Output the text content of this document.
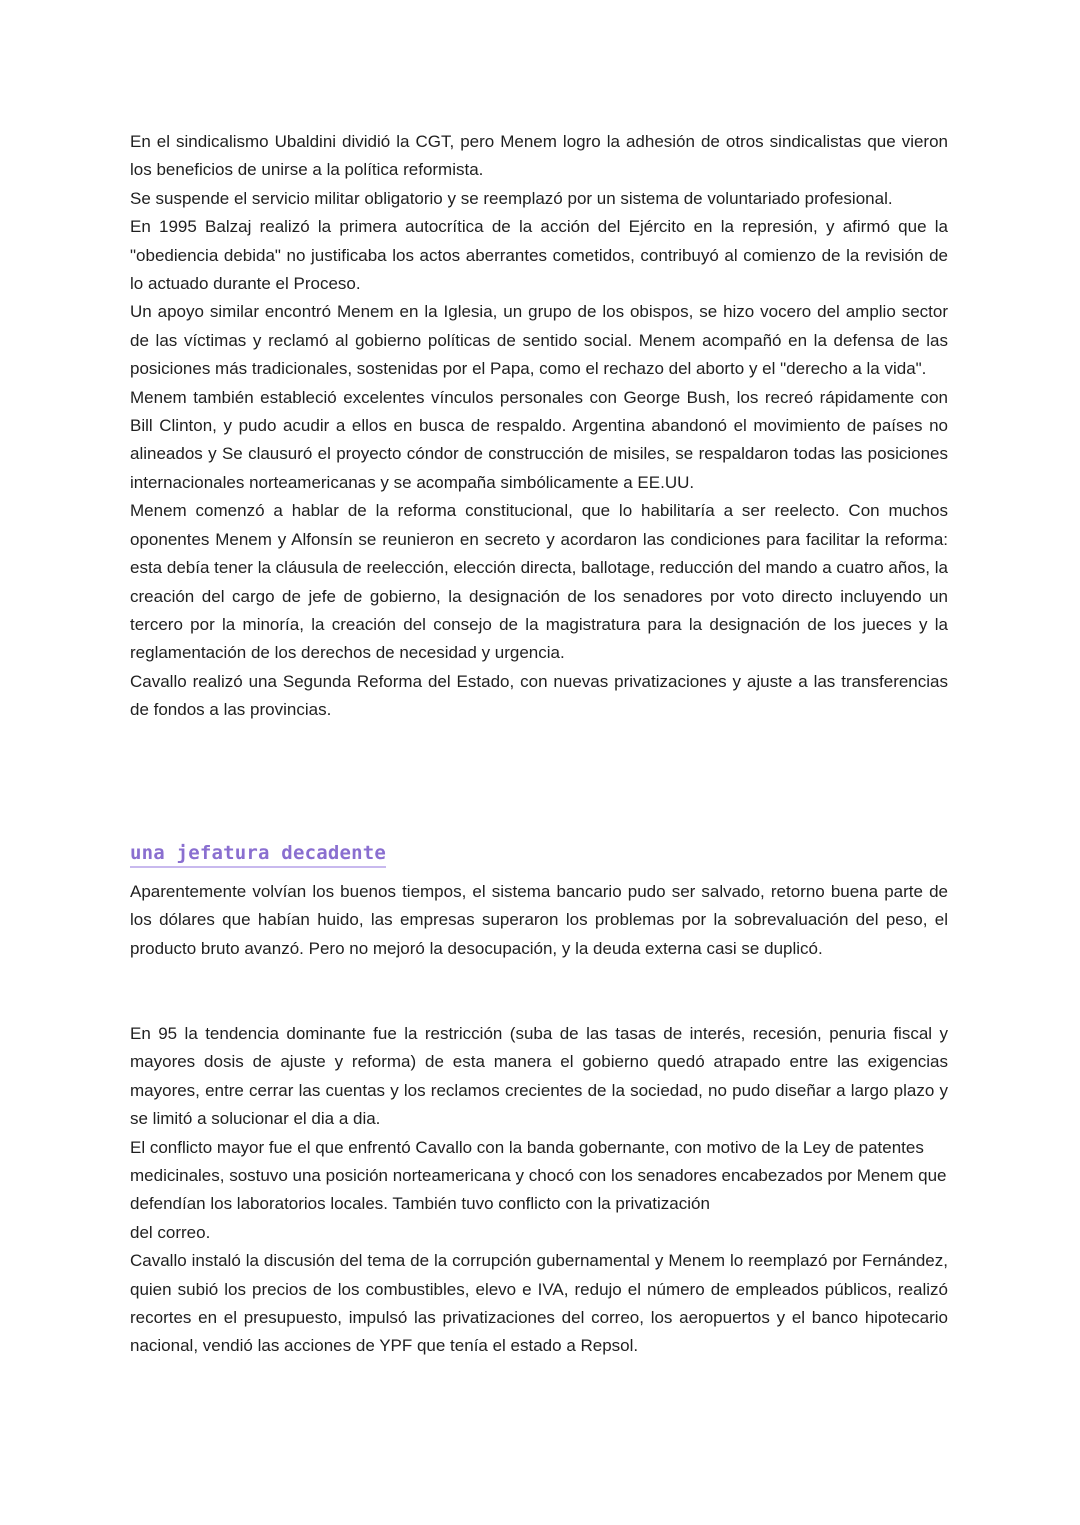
En el sindicalismo Ubaldini dividió la CGT, pero Menem logro la adhesión de otros sindicalistas que vieron los beneficios de unirse a la política reformista.

Se suspende el servicio militar obligatorio y se reemplazó por un sistema de voluntariado profesional.

En 1995 Balzaj realizó la primera autocrítica de la acción del Ejército en la represión, y afirmó que la "obediencia debida" no justificaba los actos aberrantes cometidos, contribuyó al comienzo de la revisión de lo actuado durante el Proceso.

Un apoyo similar encontró Menem en la Iglesia, un grupo de los obispos, se hizo vocero del amplio sector de las víctimas y reclamó al gobierno políticas de sentido social. Menem acompañó en la defensa de las posiciones más tradicionales, sostenidas por el Papa, como el rechazo del aborto y el "derecho a la vida".

Menem también estableció excelentes vínculos personales con George Bush, los recreó rápidamente con Bill Clinton, y pudo acudir a ellos en busca de respaldo. Argentina abandonó el movimiento de países no alineados y Se clausuró el proyecto cóndor de construcción de misiles, se respaldaron todas las posiciones internacionales norteamericanas y se acompaña simbólicamente a EE.UU.

Menem comenzó a hablar de la reforma constitucional, que lo habilitaría a ser reelecto. Con muchos oponentes Menem y Alfonsín se reunieron en secreto y acordaron las condiciones para facilitar la reforma: esta debía tener la cláusula de reelección, elección directa, ballotage, reducción del mando a cuatro años, la creación del cargo de jefe de gobierno, la designación de los senadores por voto directo incluyendo un tercero por la minoría, la creación del consejo de la magistratura para la designación de los jueces y la reglamentación de los derechos de necesidad y urgencia.

Cavallo realizó una Segunda Reforma del Estado, con nuevas privatizaciones y ajuste a las transferencias de fondos a las provincias.

una jefatura decadente

Aparentemente volvían los buenos tiempos, el sistema bancario pudo ser salvado, retorno buena parte de los dólares que habían huido, las empresas superaron los problemas por la sobrevaluación del peso, el producto bruto avanzó. Pero no mejoró la desocupación, y la deuda externa casi se duplicó.

En 95 la tendencia dominante fue la restricción (suba de las tasas de interés, recesión, penuria fiscal y mayores dosis de ajuste y reforma) de esta manera el gobierno quedó atrapado entre las exigencias mayores, entre cerrar las cuentas y los reclamos crecientes de la sociedad, no pudo diseñar a largo plazo y se limitó a solucionar el dia a dia.

El conflicto mayor fue el que enfrentó Cavallo con la banda gobernante, con motivo de la Ley de patentes medicinales, sostuvo una posición norteamericana y chocó con los senadores encabezados por Menem que defendían los laboratorios locales. También tuvo conflicto con la privatización

del correo.

Cavallo instaló la discusión del tema de la corrupción gubernamental y Menem lo reemplazó por Fernández, quien subió los precios de los combustibles, elevo e IVA, redujo el número de empleados públicos, realizó recortes en el presupuesto, impulsó las privatizaciones del correo, los aeropuertos y el banco hipotecario nacional, vendió las acciones de YPF que tenía el estado a Repsol.
